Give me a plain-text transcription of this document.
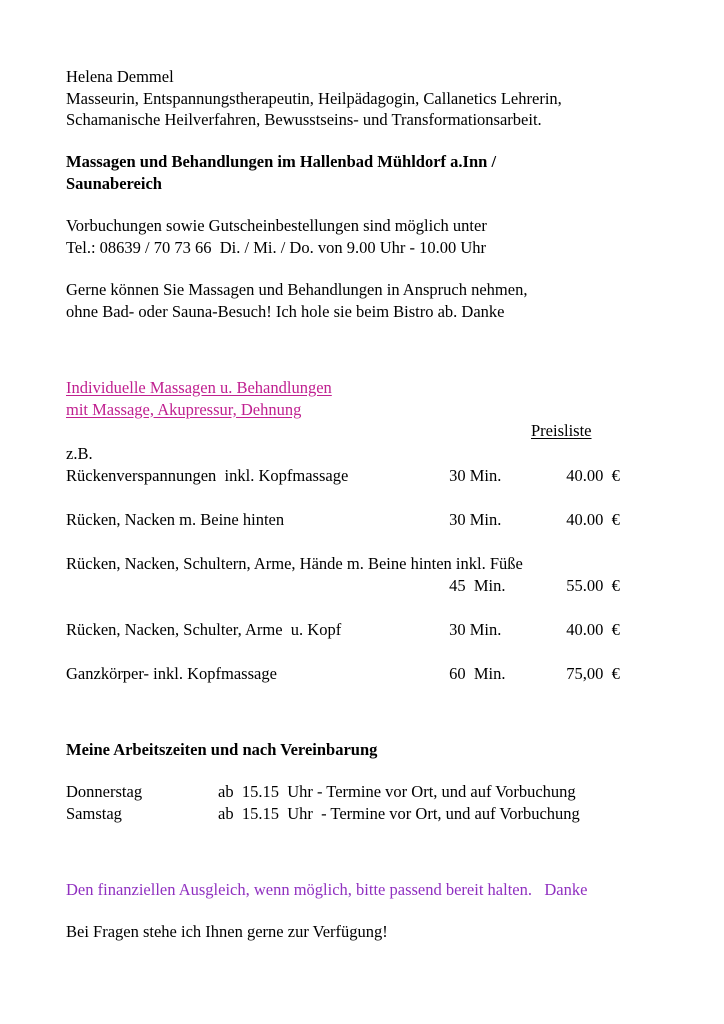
Helena Demmel
Masseurin, Entspannungstherapeutin, Heilpädagogin, Callanetics Lehrerin,
Schamanische Heilverfahren, Bewusstseins- und Transformationsarbeit.
Massagen und Behandlungen im Hallenbad Mühldorf a.Inn /
Saunabereich
Vorbuchungen sowie Gutscheinbestellungen sind möglich unter
Tel.: 08639 / 70 73 66  Di. / Mi. / Do. von 9.00 Uhr - 10.00 Uhr
Gerne können Sie Massagen und Behandlungen in Anspruch nehmen,
ohne Bad- oder Sauna-Besuch! Ich hole sie beim Bistro ab. Danke
Individuelle Massagen u. Behandlungen
mit Massage, Akupressur, Dehnung
Preisliste
z.B.
Rückenverspannungen  inkl. Kopfmassage	30 Min.	40.00  €

Rücken, Nacken m. Beine hinten	30 Min.	40.00  €

Rücken, Nacken, Schultern, Arme, Hände m. Beine hinten inkl. Füße		
	45  Min.	55.00  €

Rücken, Nacken, Schulter, Arme  u. Kopf	30 Min.	40.00  €

Ganzkörper- inkl. Kopfmassage	60  Min.	75,00  €
Meine Arbeitszeiten und nach Vereinbarung
Donnerstag	ab  15.15  Uhr - Termine vor Ort, und auf Vorbuchung
Samstag	ab  15.15  Uhr  - Termine vor Ort, und auf Vorbuchung
Den finanziellen Ausgleich, wenn möglich, bitte passend bereit halten.   Danke
Bei Fragen stehe ich Ihnen gerne zur Verfügung!
